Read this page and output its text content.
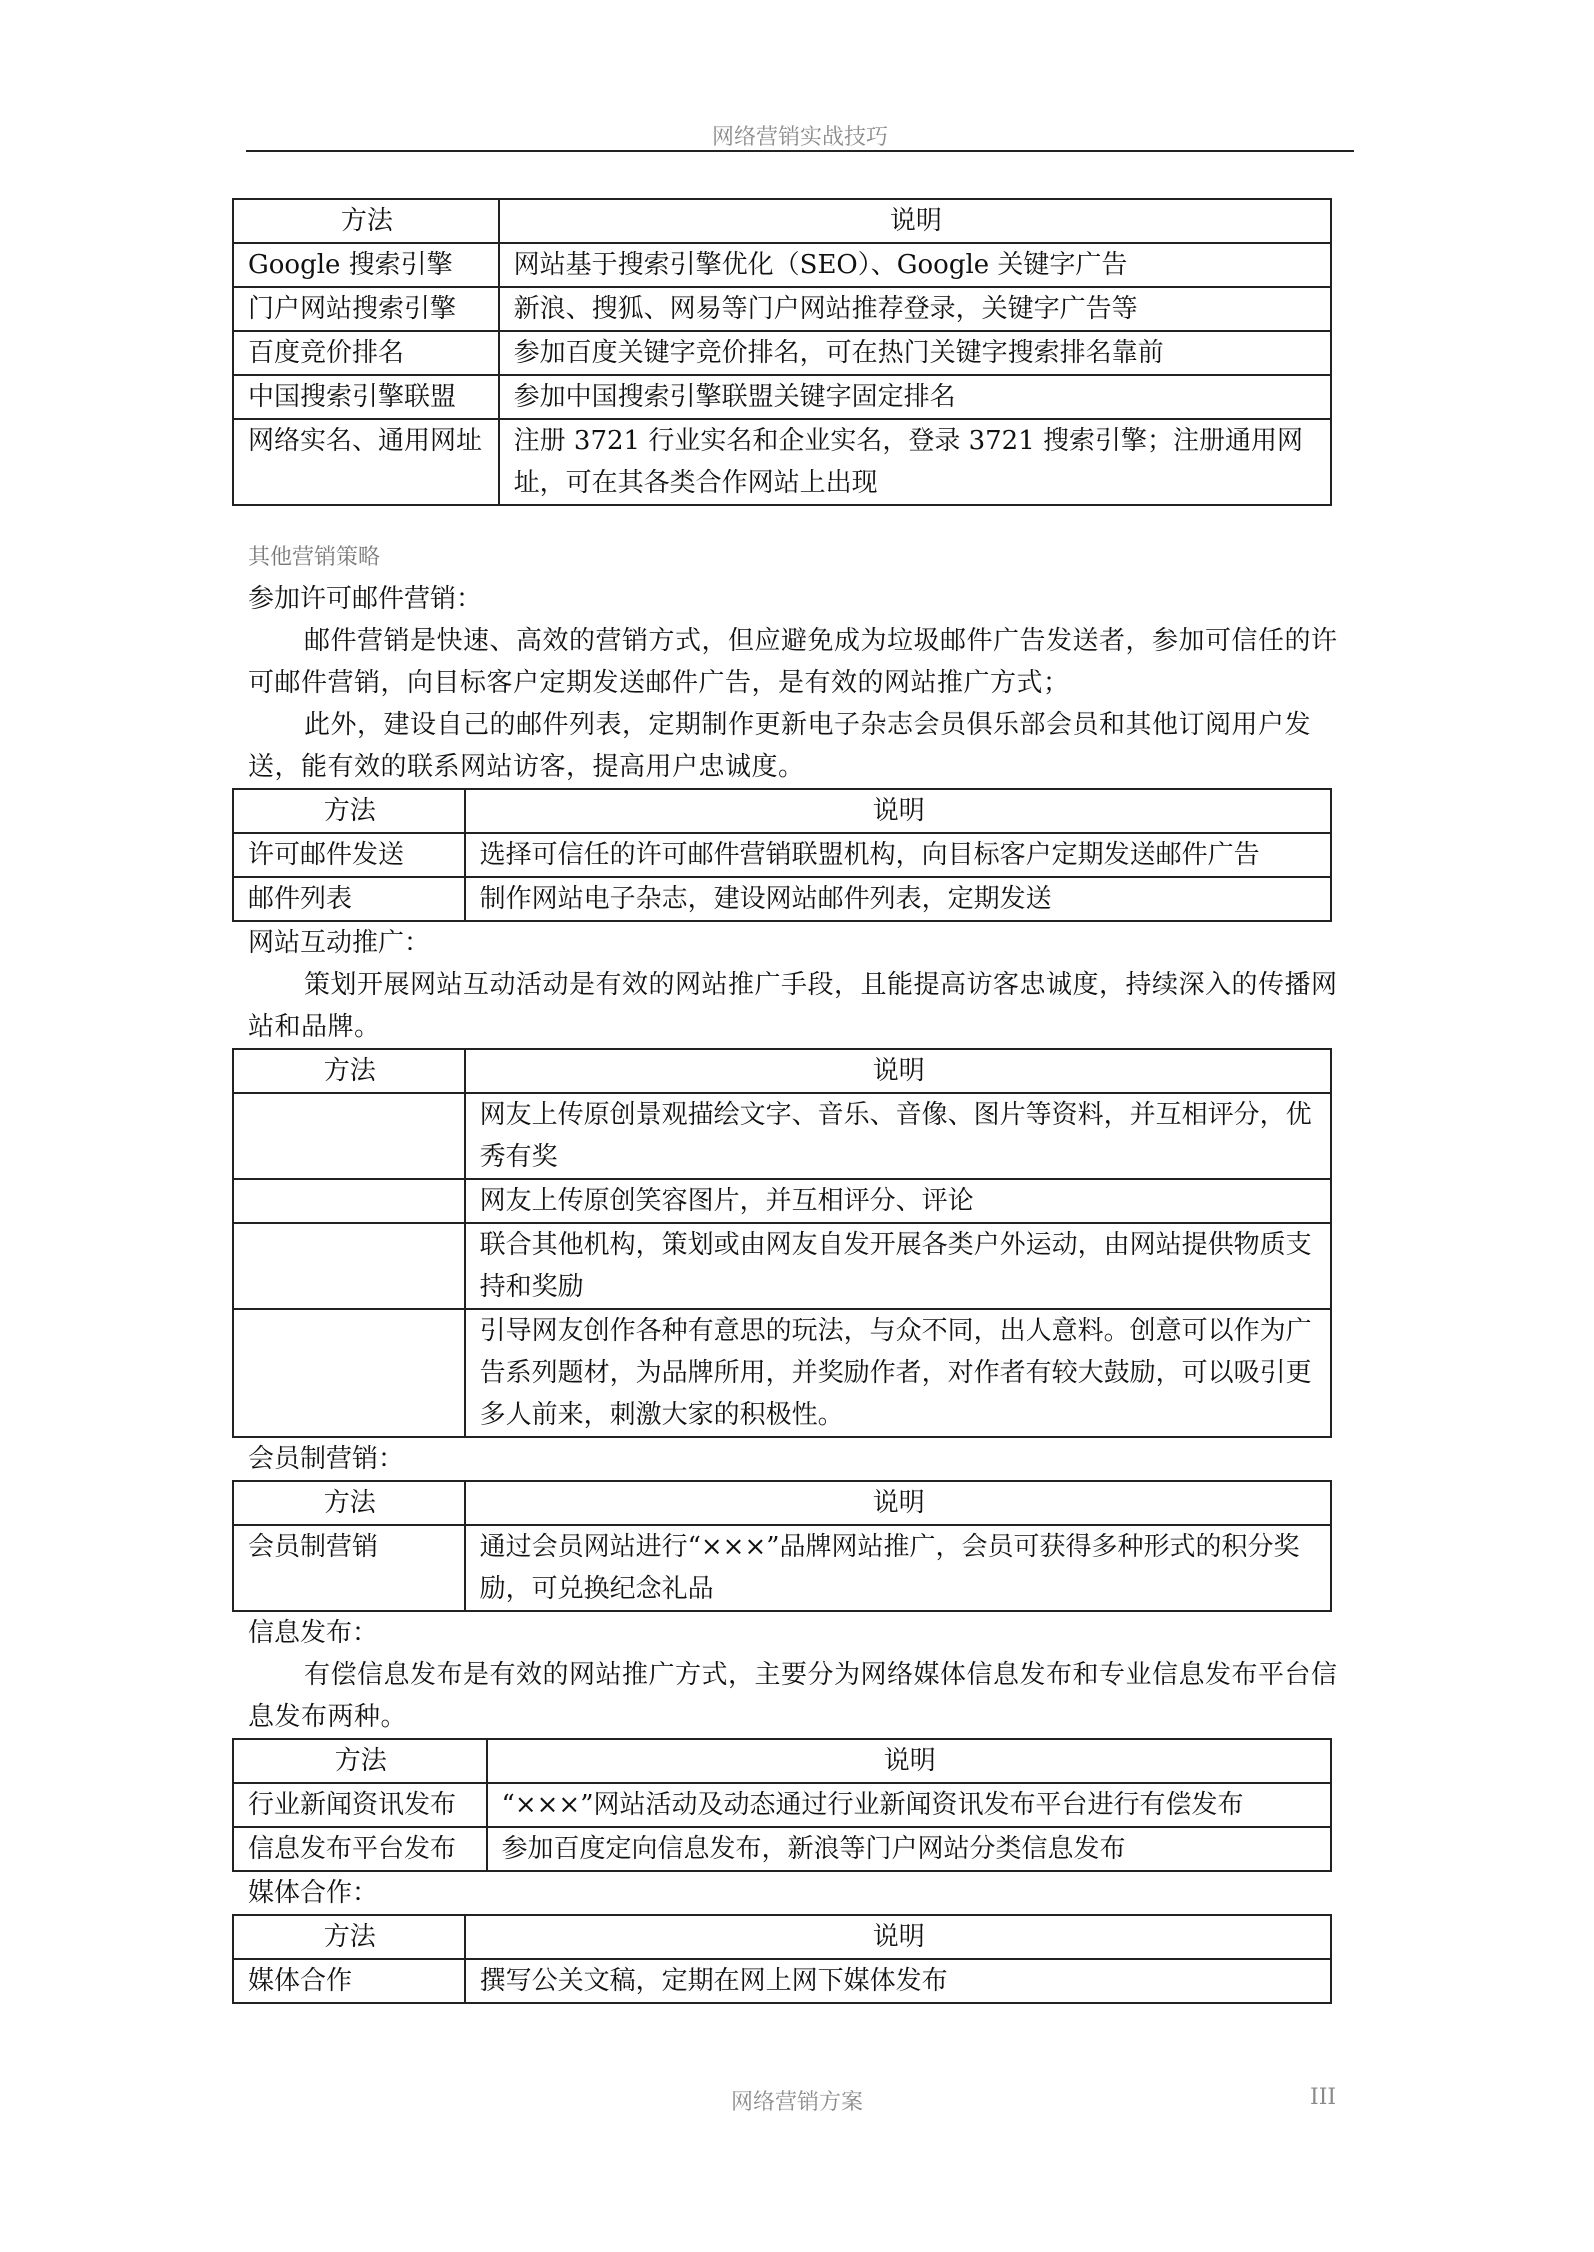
网络营销实战技巧
方法	说明
Google 搜索引擎	网站基于搜索引擎优化（SEO）、Google 关键字广告
门户网站搜索引擎	新浪、搜狐、网易等门户网站推荐登录，关键字广告等
百度竞价排名	参加百度关键字竞价排名，可在热门关键字搜索排名靠前
中国搜索引擎联盟	参加中国搜索引擎联盟关键字固定排名
网络实名、通用网址	注册 3721 行业实名和企业实名，登录 3721 搜索引擎；注册通用网址，可在其各类合作网站上出现
其他营销策略
参加许可邮件营销：
邮件营销是快速、高效的营销方式，但应避免成为垃圾邮件广告发送者，参加可信任的许可邮件营销，向目标客户定期发送邮件广告，是有效的网站推广方式；
此外，建设自己的邮件列表，定期制作更新电子杂志会员俱乐部会员和其他订阅用户发送，能有效的联系网站访客，提高用户忠诚度。
方法	说明
许可邮件发送	选择可信任的许可邮件营销联盟机构，向目标客户定期发送邮件广告
邮件列表	制作网站电子杂志，建设网站邮件列表，定期发送
网站互动推广：
策划开展网站互动活动是有效的网站推广手段，且能提高访客忠诚度，持续深入的传播网站和品牌。
方法	说明
	网友上传原创景观描绘文字、音乐、音像、图片等资料，并互相评分，优秀有奖
	网友上传原创笑容图片，并互相评分、评论
	联合其他机构，策划或由网友自发开展各类户外运动，由网站提供物质支持和奖励
	引导网友创作各种有意思的玩法，与众不同，出人意料。创意可以作为广告系列题材，为品牌所用，并奖励作者，对作者有较大鼓励，可以吸引更多人前来，刺激大家的积极性。
会员制营销：
方法	说明
会员制营销	通过会员网站进行“×××”品牌网站推广，会员可获得多种形式的积分奖励，可兑换纪念礼品
信息发布：
有偿信息发布是有效的网站推广方式，主要分为网络媒体信息发布和专业信息发布平台信息发布两种。
方法	说明
行业新闻资讯发布	“×××”网站活动及动态通过行业新闻资讯发布平台进行有偿发布
信息发布平台发布	参加百度定向信息发布，新浪等门户网站分类信息发布
媒体合作：
方法	说明
媒体合作	撰写公关文稿，定期在网上网下媒体发布
网络营销方案	III
